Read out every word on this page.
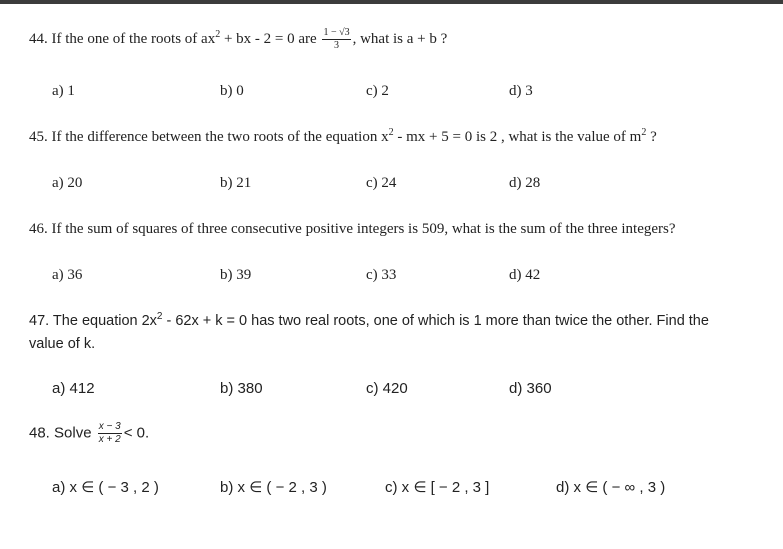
44. If the one of the roots of $ax^2$ + bx - 2 = 0 are $\frac{1 - √3}{3}$ , what is a + b ?
a) 1	b) 0	c) 2	d) 3
45. If the difference between the two roots of the equation $x^2$ - mx + 5 = 0 is 2 , what is the value of $m^2$ ?
a) 20	b) 21	c) 24	d) 28
46. If the sum of squares of three consecutive positive integers is 509, what is the sum of the three integers?
a) 36	b) 39	c) 33	d) 42
47. The equation $2x^2 - 62x + k = 0$ has two real roots, one of which is 1 more than twice the other. Find the
value of k.
a) 412	b) 380	c) 420	d) 360
48. Solve $\frac{x - 3}{x + 2} < 0$.
a) x ∈ ( − 3 , 2 )	b) x ∈ ( − 2 , 3 )	c) x ∈ [ − 2 , 3 ]	d) x ∈ ( − ∞ , 3 )
